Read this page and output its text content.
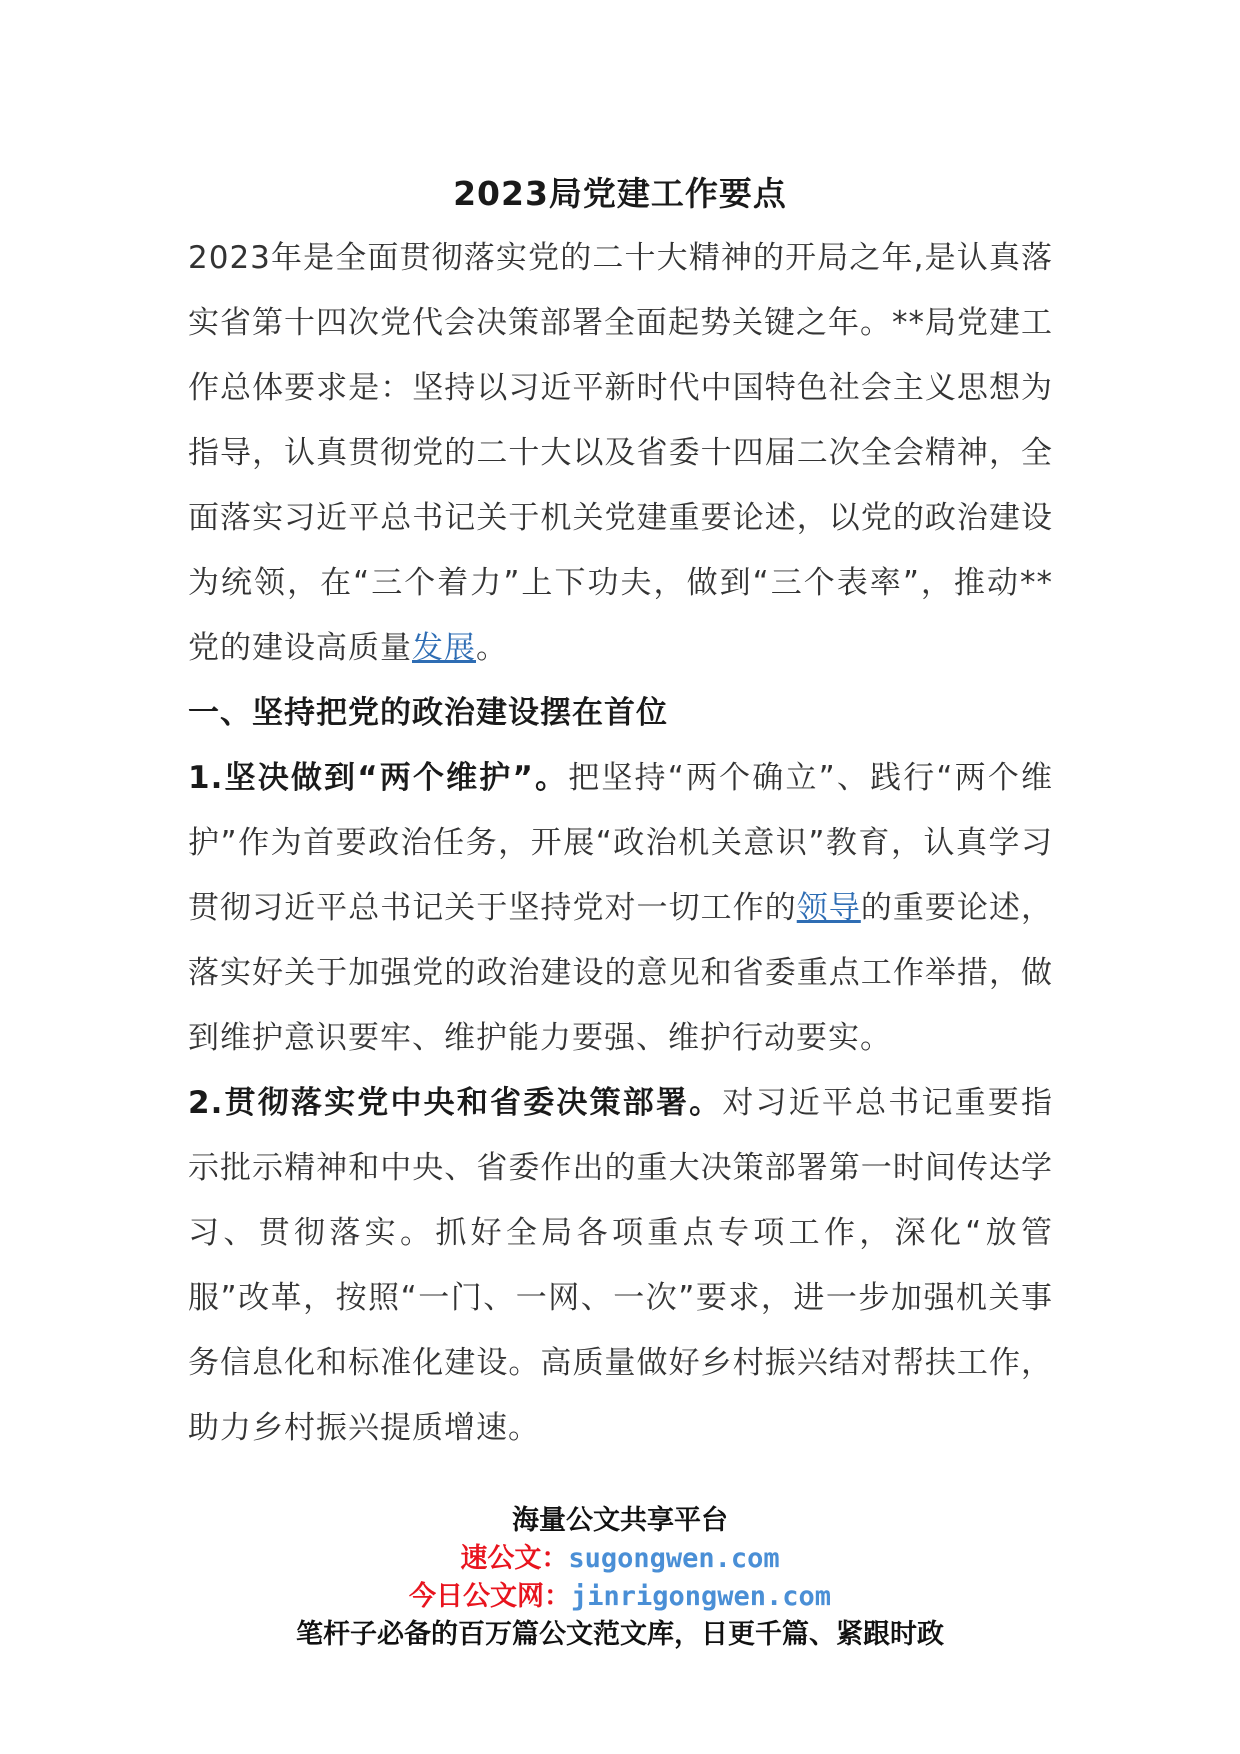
2023局党建工作要点

2023年是全面贯彻落实党的二十大精神的开局之年,是认真落实省第十四次党代会决策部署全面起势关键之年。**局党建工作总体要求是：坚持以习近平新时代中国特色社会主义思想为指导，认真贯彻党的二十大以及省委十四届二次全会精神，全面落实习近平总书记关于机关党建重要论述，以党的政治建设为统领，在“三个着力”上下功夫，做到“三个表率”，推动**党的建设高质量发展。

一、坚持把党的政治建设摆在首位

1.坚决做到“两个维护”。把坚持“两个确立”、践行“两个维护”作为首要政治任务，开展“政治机关意识”教育，认真学习贯彻习近平总书记关于坚持党对一切工作的领导的重要论述，落实好关于加强党的政治建设的意见和省委重点工作举措，做到维护意识要牢、维护能力要强、维护行动要实。

2.贯彻落实党中央和省委决策部署。对习近平总书记重要指示批示精神和中央、省委作出的重大决策部署第一时间传达学习、贯彻落实。抓好全局各项重点专项工作，深化“放管服”改革，按照“一门、一网、一次”要求，进一步加强机关事务信息化和标准化建设。高质量做好乡村振兴结对帮扶工作，助力乡村振兴提质增速。

海量公文共享平台
速公文：sugongwen.com
今日公文网：jinrigongwen.com
笔杆子必备的百万篇公文范文库，日更千篇、紧跟时政
